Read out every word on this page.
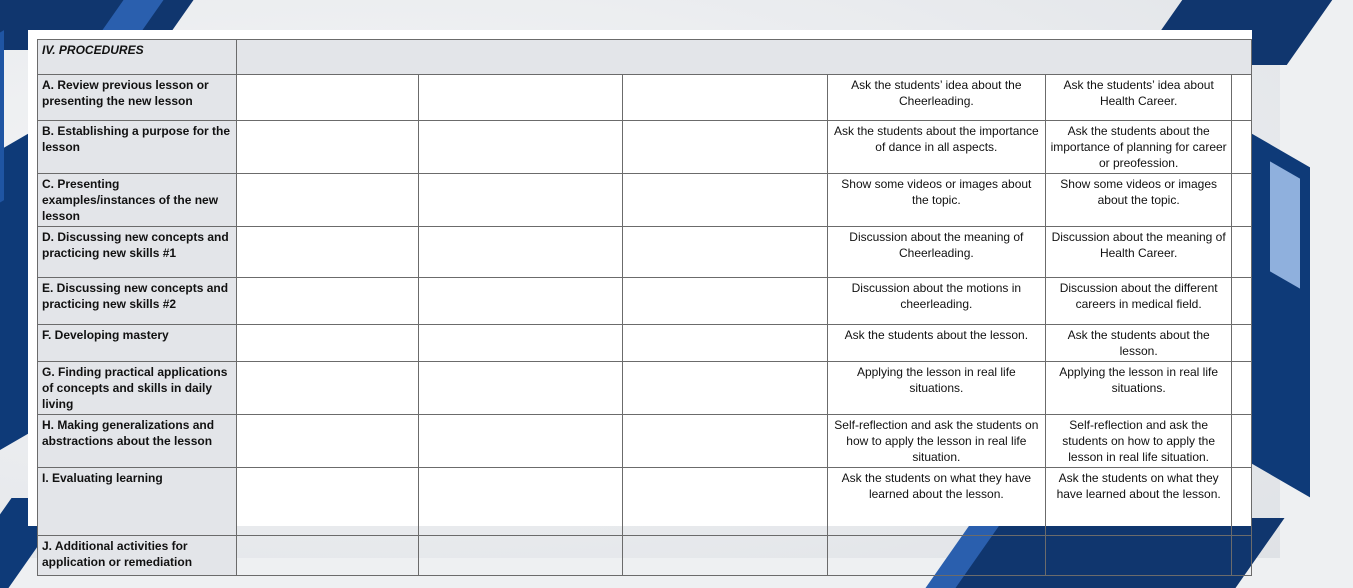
IV. PROCEDURES						
A. Review previous lesson or presenting the new lesson				Ask the students’ idea about the Cheerleading.	Ask the students’ idea about Health Career.	
B. Establishing a purpose for the lesson				Ask the students about the importance of dance in all aspects.	Ask the students about the importance of planning for career or preofession.	
C. Presenting examples/instances of the new lesson				Show some videos or images about the topic.	Show some videos or images about the topic.	
D. Discussing new concepts and practicing new skills #1				Discussion about the meaning of Cheerleading.	Discussion about the meaning of Health Career.	
E. Discussing new concepts and practicing new skills #2				Discussion about the motions in cheerleading.	Discussion about the different careers in medical field.	
F. Developing mastery				Ask the students about the lesson.	Ask the students about the lesson.	
G. Finding practical applications of concepts and skills in daily living				Applying the lesson in real life situations.	Applying the lesson in real life situations.	
H. Making generalizations and abstractions about the lesson				Self-reflection and ask the students on how to apply the lesson in real life situation.	Self-reflection and ask the students on how to apply the lesson in real life situation.	
I. Evaluating learning				Ask the students on what they have learned about the lesson.	Ask the students on what they have learned about the lesson.	
J. Additional activities for application or remediation						
